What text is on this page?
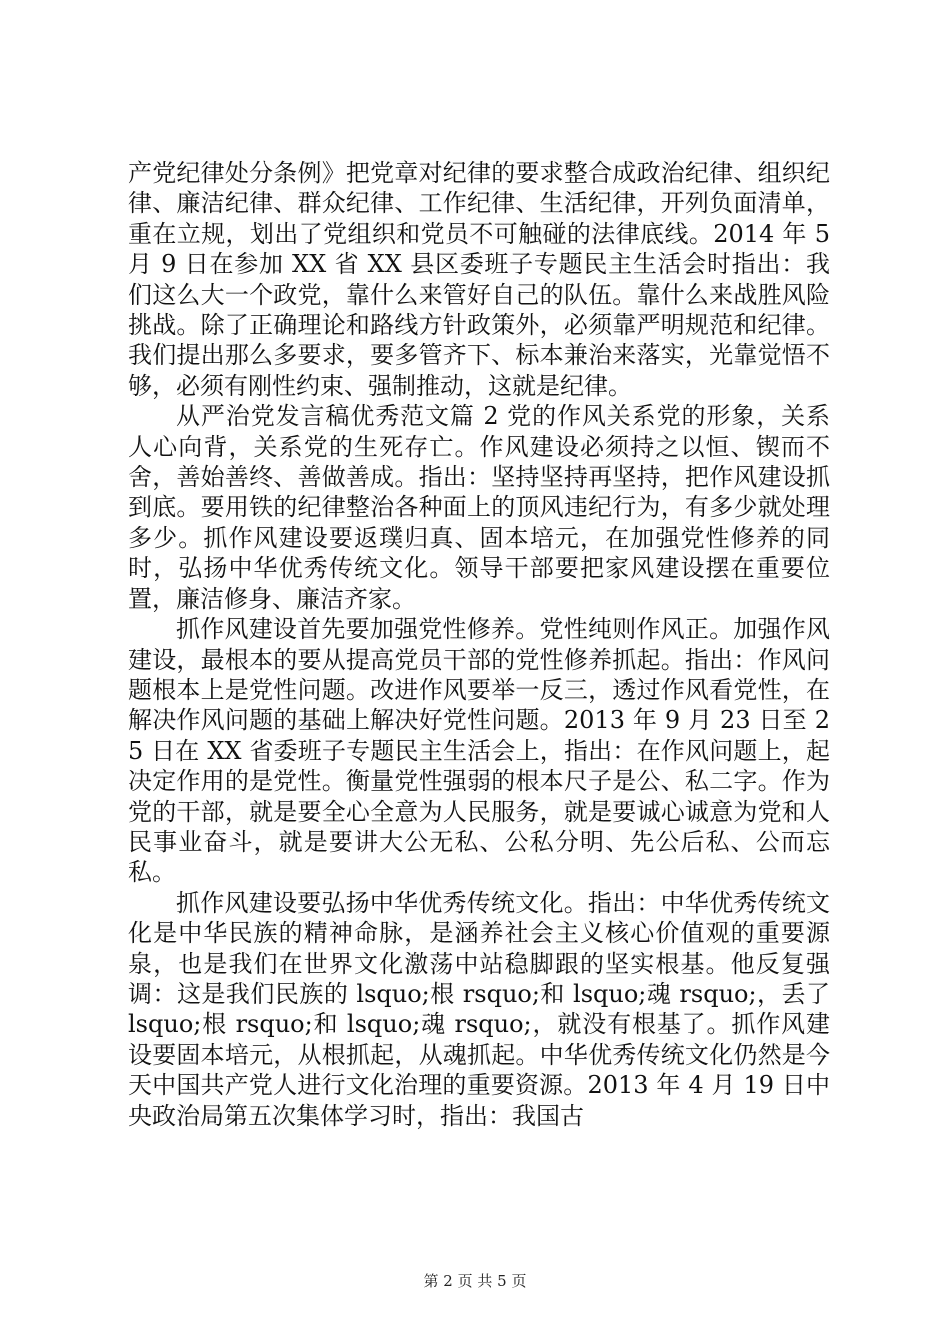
产党纪律处分条例》把党章对纪律的要求整合成政治纪律、组织纪律、廉洁纪律、群众纪律、工作纪律、生活纪律，开列负面清单，重在立规，划出了党组织和党员不可触碰的法律底线。2014 年 5 月 9 日在参加 XX 省 XX 县区委班子专题民主生活会时指出：我们这么大一个政党，靠什么来管好自己的队伍。靠什么来战胜风险挑战。除了正确理论和路线方针政策外，必须靠严明规范和纪律。我们提出那么多要求，要多管齐下、标本兼治来落实，光靠觉悟不够，必须有刚性约束、强制推动，这就是纪律。

从严治党发言稿优秀范文篇 2 党的作风关系党的形象，关系人心向背，关系党的生死存亡。作风建设必须持之以恒、锲而不舍，善始善终、善做善成。指出：坚持坚持再坚持，把作风建设抓到底。要用铁的纪律整治各种面上的顶风违纪行为，有多少就处理多少。抓作风建设要返璞归真、固本培元，在加强党性修养的同时，弘扬中华优秀传统文化。领导干部要把家风建设摆在重要位置，廉洁修身、廉洁齐家。

抓作风建设首先要加强党性修养。党性纯则作风正。加强作风建设，最根本的要从提高党员干部的党性修养抓起。指出：作风问题根本上是党性问题。改进作风要举一反三，透过作风看党性，在解决作风问题的基础上解决好党性问题。2013 年 9 月 23 日至 25 日在 XX 省委班子专题民主生活会上，指出：在作风问题上，起决定作用的是党性。衡量党性强弱的根本尺子是公、私二字。作为党的干部，就是要全心全意为人民服务，就是要诚心诚意为党和人民事业奋斗，就是要讲大公无私、公私分明、先公后私、公而忘私。

抓作风建设要弘扬中华优秀传统文化。指出：中华优秀传统文化是中华民族的精神命脉，是涵养社会主义核心价值观的重要源泉，也是我们在世界文化激荡中站稳脚跟的坚实根基。他反复强调：这是我们民族的 lsquo;根 rsquo;和 lsquo;魂 rsquo;，丢了 lsquo;根 rsquo;和 lsquo;魂 rsquo;，就没有根基了。抓作风建设要固本培元，从根抓起，从魂抓起。中华优秀传统文化仍然是今天中国共产党人进行文化治理的重要资源。2013 年 4 月 19 日中央政治局第五次集体学习时，指出：我国古

第 2 页 共 5 页
